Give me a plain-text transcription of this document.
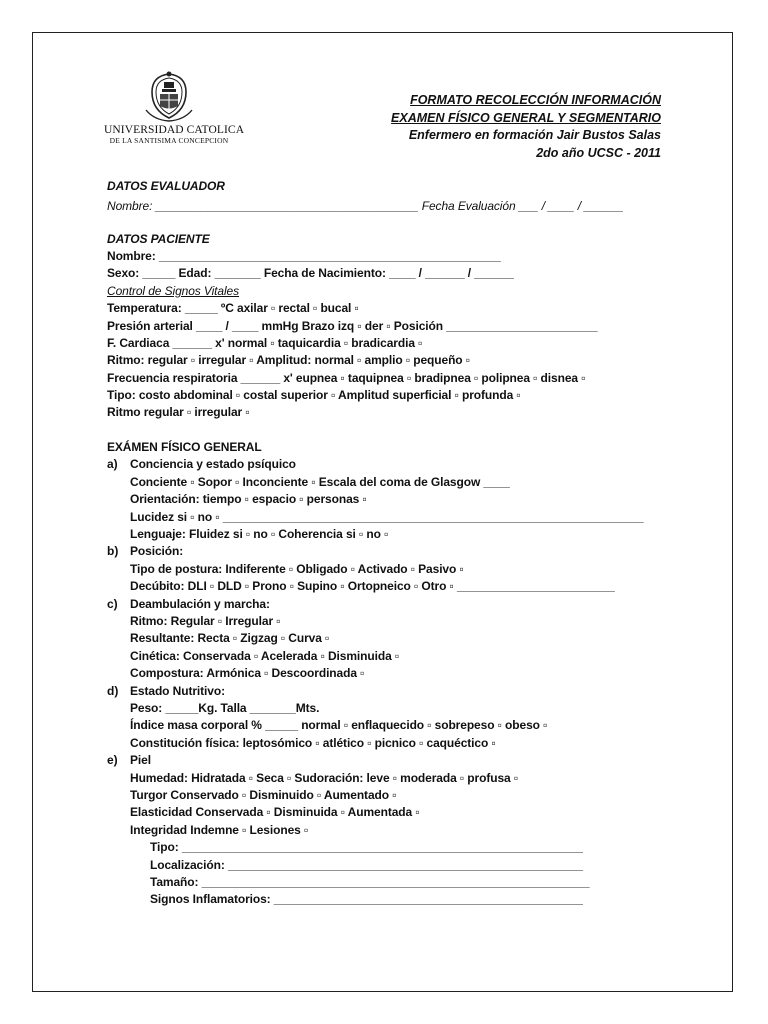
UNIVERSIDAD CATOLICA
DE LA SANTISIMA CONCEPCION
FORMATO RECOLECCIÓN INFORMACIÓN
EXAMEN FÍSICO GENERAL Y SEGMENTARIO
Enfermero en formación Jair Bustos Salas
2do año UCSC - 2011
DATOS EVALUADOR
Nombre: ________________________________________ Fecha Evaluación ___ / ____ / ______
DATOS PACIENTE
Nombre: ____________________________________________________
Sexo: _____ Edad: _______ Fecha de Nacimiento: ____ / ______ / ______
Control de Signos Vitales
Temperatura: _____ ºC axilar ▫ rectal ▫ bucal ▫
Presión arterial ____ / ____ mmHg Brazo izq ▫ der ▫ Posición _______________________
F. Cardiaca ______ x' normal ▫ taquicardia ▫ bradicardia ▫
Ritmo: regular ▫ irregular ▫ Amplitud: normal ▫ amplio ▫ pequeño ▫
Frecuencia respiratoria ______ x' eupnea ▫ taquipnea ▫ bradipnea ▫ polipnea ▫ disnea ▫
Tipo: costo abdominal ▫ costal superior ▫ Amplitud superficial ▫ profunda ▫
Ritmo regular ▫ irregular ▫
EXÁMEN FÍSICO GENERAL
a) Conciencia y estado psíquico
Conciente ▫ Sopor ▫ Inconciente ▫ Escala del coma de Glasgow ____
Orientación: tiempo ▫ espacio ▫ personas ▫
Lucidez si ▫ no ▫ ________________________________________________________________
Lenguaje: Fluidez si ▫ no ▫ Coherencia si ▫ no ▫
b) Posición:
Tipo de postura: Indiferente ▫ Obligado ▫ Activado ▫ Pasivo ▫
Decúbito: DLI ▫ DLD ▫ Prono ▫ Supino ▫ Ortopneico ▫ Otro ▫ ________________________
c) Deambulación y marcha:
Ritmo: Regular ▫ Irregular ▫
Resultante: Recta ▫ Zigzag ▫ Curva ▫
Cinética: Conservada ▫ Acelerada ▫ Disminuida ▫
Compostura: Armónica ▫ Descoordinada ▫
d) Estado Nutritivo:
Peso: _____Kg. Talla _______Mts.
Índice masa corporal % _____ normal ▫ enflaquecido ▫ sobrepeso ▫ obeso ▫
Constitución física: leptosómico ▫ atlético ▫ picnico ▫ caquéctico ▫
e) Piel
Humedad: Hidratada ▫ Seca ▫ Sudoración: leve ▫ moderada ▫ profusa ▫
Turgor Conservado ▫ Disminuido ▫ Aumentado ▫
Elasticidad Conservada ▫ Disminuida ▫ Aumentada ▫
Integridad Indemne ▫ Lesiones ▫
Tipo: _____________________________________________________________
Localización: ______________________________________________________
Tamaño: ___________________________________________________________
Signos Inflamatorios: _______________________________________________
